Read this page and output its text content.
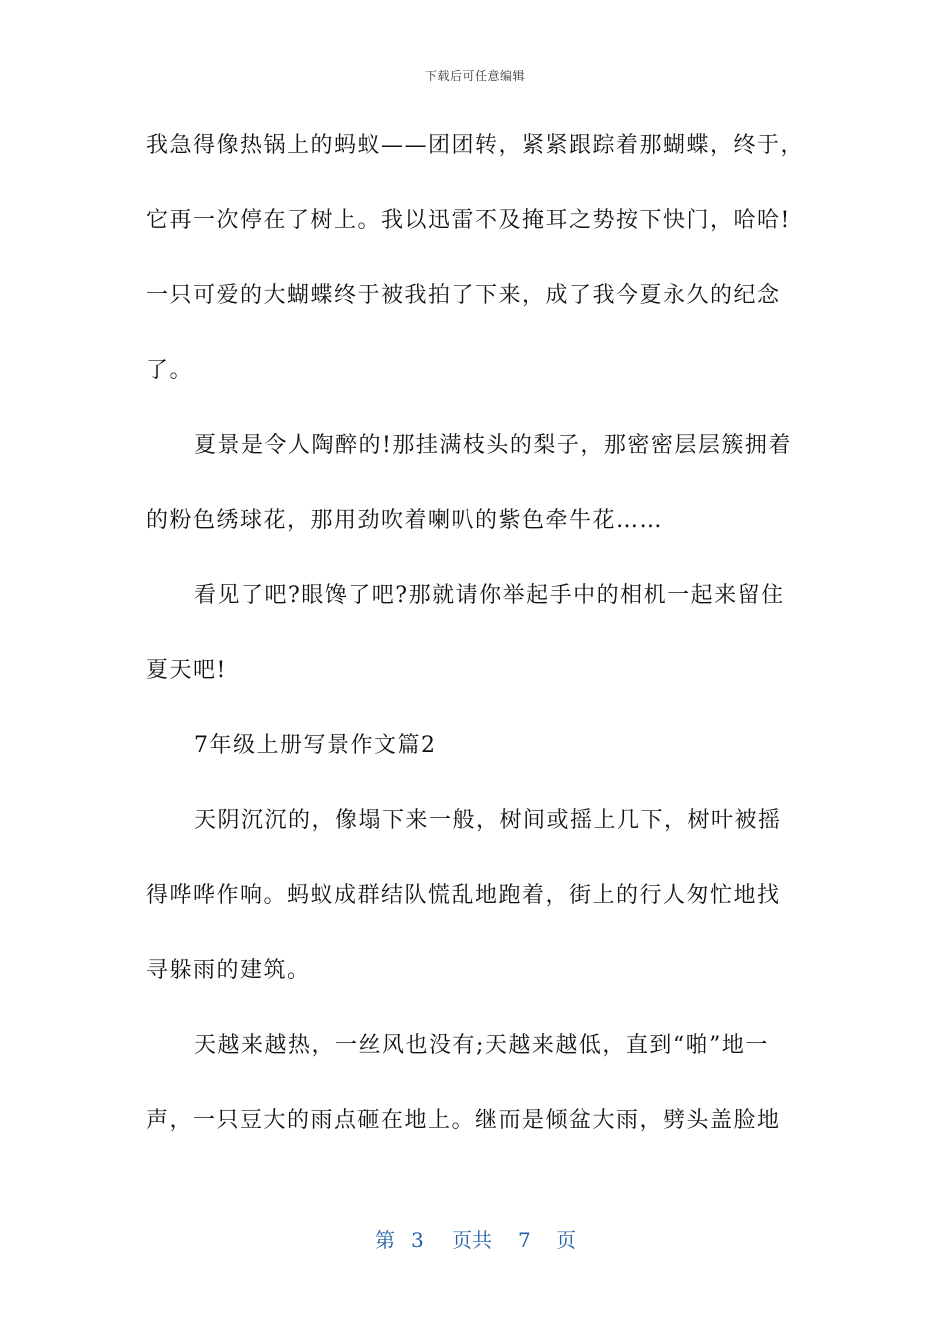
下载后可任意编辑
我急得像热锅上的蚂蚁——团团转，紧紧跟踪着那蝴蝶，终于，
它再一次停在了树上。我以迅雷不及掩耳之势按下快门，哈哈!
一只可爱的大蝴蝶终于被我拍了下来，成了我今夏永久的纪念
了。
夏景是令人陶醉的!那挂满枝头的梨子，那密密层层簇拥着
的粉色绣球花，那用劲吹着喇叭的紫色牵牛花……
看见了吧?眼馋了吧?那就请你举起手中的相机一起来留住
夏天吧!
7年级上册写景作文篇2
天阴沉沉的，像塌下来一般，树间或摇上几下，树叶被摇
得哗哗作响。蚂蚁成群结队慌乱地跑着，街上的行人匆忙地找
寻躲雨的建筑。
天越来越热，一丝风也没有;天越来越低，直到“啪”地一
声，一只豆大的雨点砸在地上。继而是倾盆大雨，劈头盖脸地
第 3 页共 7 页
